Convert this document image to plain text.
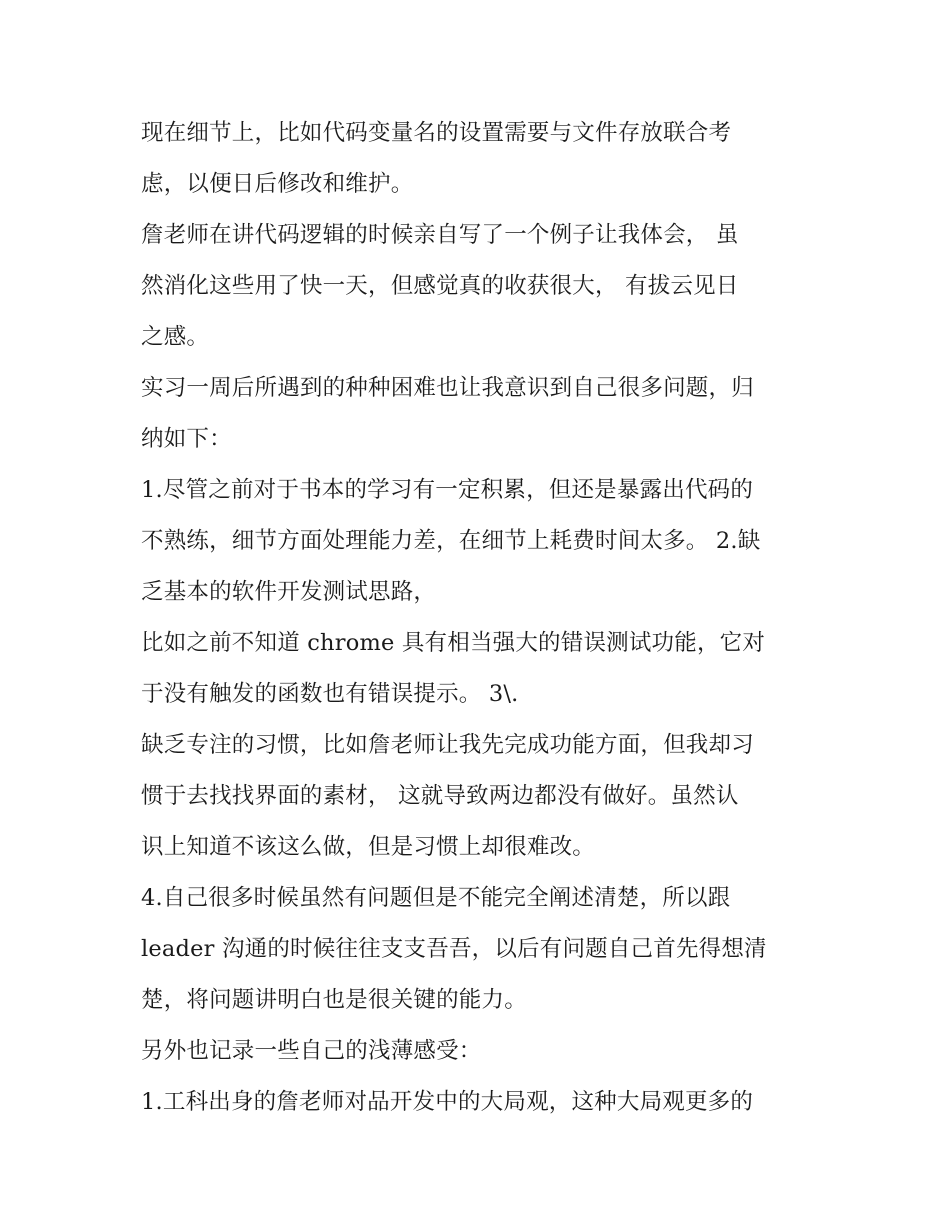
现在细节上，比如代码变量名的设置需要与文件存放联合考
虑，以便日后修改和维护。
詹老师在讲代码逻辑的时候亲自写了一个例子让我体会， 虽
然消化这些用了快一天，但感觉真的收获很大， 有拔云见日
之感。
实习一周后所遇到的种种困难也让我意识到自己很多问题，归
纳如下：
1.尽管之前对于书本的学习有一定积累，但还是暴露出代码的
不熟练，细节方面处理能力差，在细节上耗费时间太多。 2.缺
乏基本的软件开发测试思路，
比如之前不知道 chrome 具有相当强大的错误测试功能，它对
于没有触发的函数也有错误提示。 3\.
缺乏专注的习惯，比如詹老师让我先完成功能方面，但我却习
惯于去找找界面的素材， 这就导致两边都没有做好。虽然认
识上知道不该这么做，但是习惯上却很难改。
4.自己很多时候虽然有问题但是不能完全阐述清楚，所以跟
leader 沟通的时候往往支支吾吾，以后有问题自己首先得想清
楚，将问题讲明白也是很关键的能力。
另外也记录一些自己的浅薄感受：
1.工科出身的詹老师对品开发中的大局观，这种大局观更多的
